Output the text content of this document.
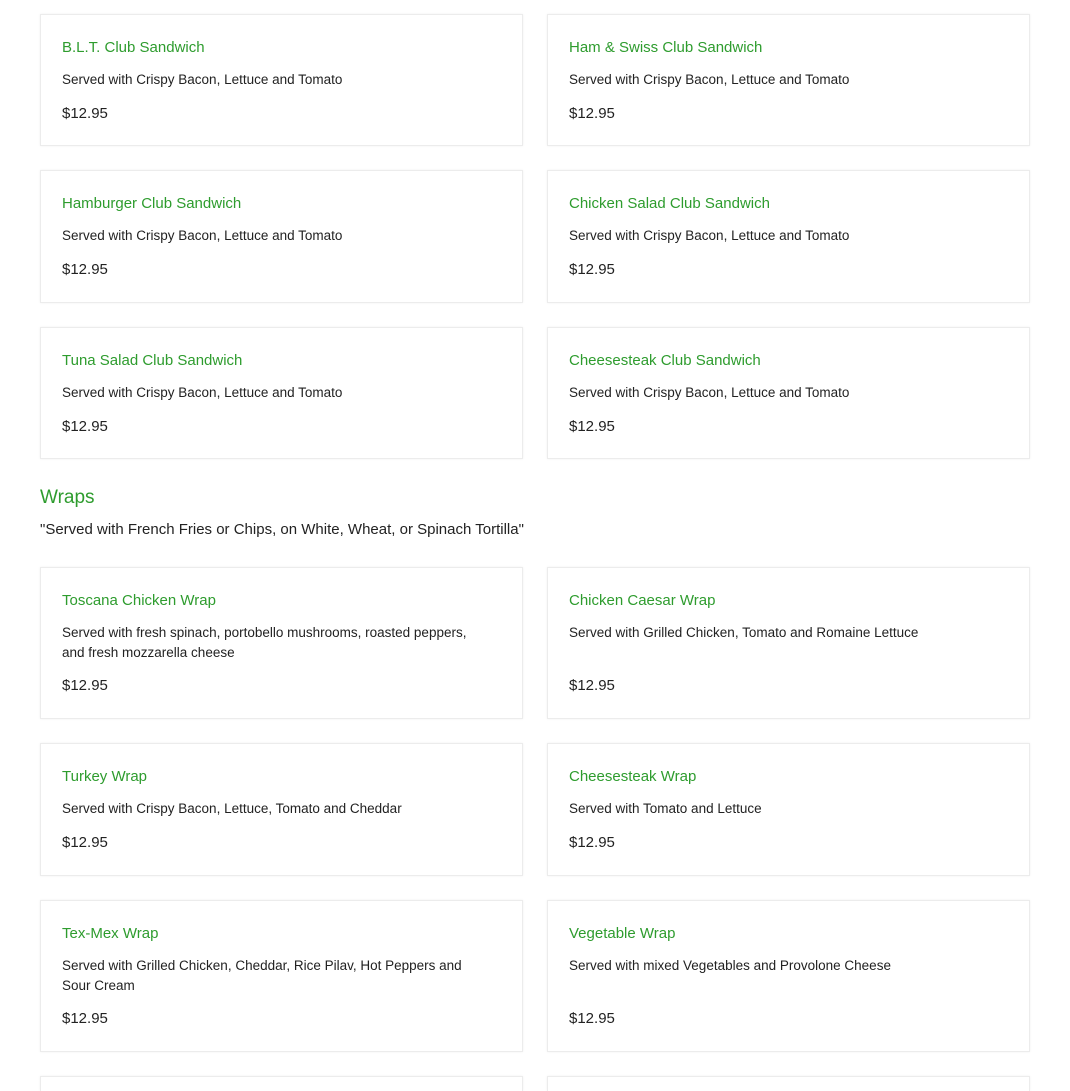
B.L.T. Club Sandwich
Served with Crispy Bacon, Lettuce and Tomato
$12.95
Ham & Swiss Club Sandwich
Served with Crispy Bacon, Lettuce and Tomato
$12.95
Hamburger Club Sandwich
Served with Crispy Bacon, Lettuce and Tomato
$12.95
Chicken Salad Club Sandwich
Served with Crispy Bacon, Lettuce and Tomato
$12.95
Tuna Salad Club Sandwich
Served with Crispy Bacon, Lettuce and Tomato
$12.95
Cheesesteak Club Sandwich
Served with Crispy Bacon, Lettuce and Tomato
$12.95
Wraps
"Served with French Fries or Chips, on White, Wheat, or Spinach Tortilla"
Toscana Chicken Wrap
Served with fresh spinach, portobello mushrooms, roasted peppers, and fresh mozzarella cheese
$12.95
Chicken Caesar Wrap
Served with Grilled Chicken, Tomato and Romaine Lettuce
$12.95
Turkey Wrap
Served with Crispy Bacon, Lettuce, Tomato and Cheddar
$12.95
Cheesesteak Wrap
Served with Tomato and Lettuce
$12.95
Tex-Mex Wrap
Served with Grilled Chicken, Cheddar, Rice Pilav, Hot Peppers and Sour Cream
$12.95
Vegetable Wrap
Served with mixed Vegetables and Provolone Cheese
$12.95
